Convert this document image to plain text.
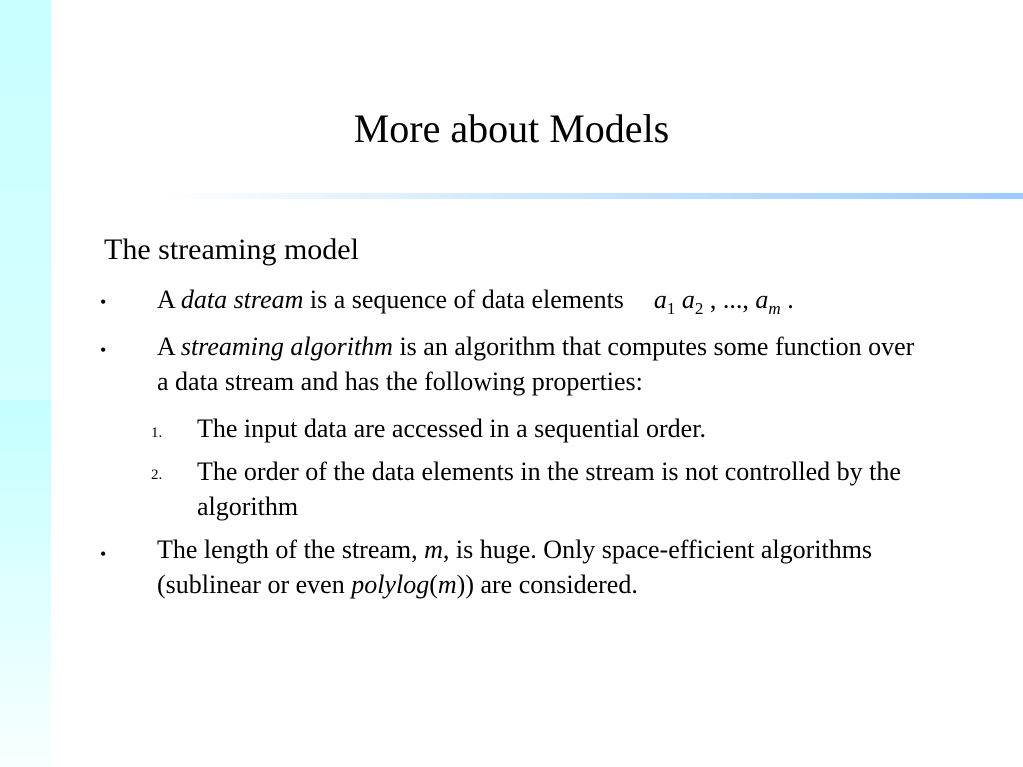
More about Models
The streaming model
• A data stream is a sequence of data elements $a_1$ $a_2$ , ..., $a_m$ .
• A streaming algorithm is an algorithm that computes some function over a data stream and has the following properties:
1. The input data are accessed in a sequential order.
2. The order of the data elements in the stream is not controlled by the algorithm
• The length of the stream, m, is huge. Only space-efficient algorithms (sublinear or even polylog(m)) are considered.
